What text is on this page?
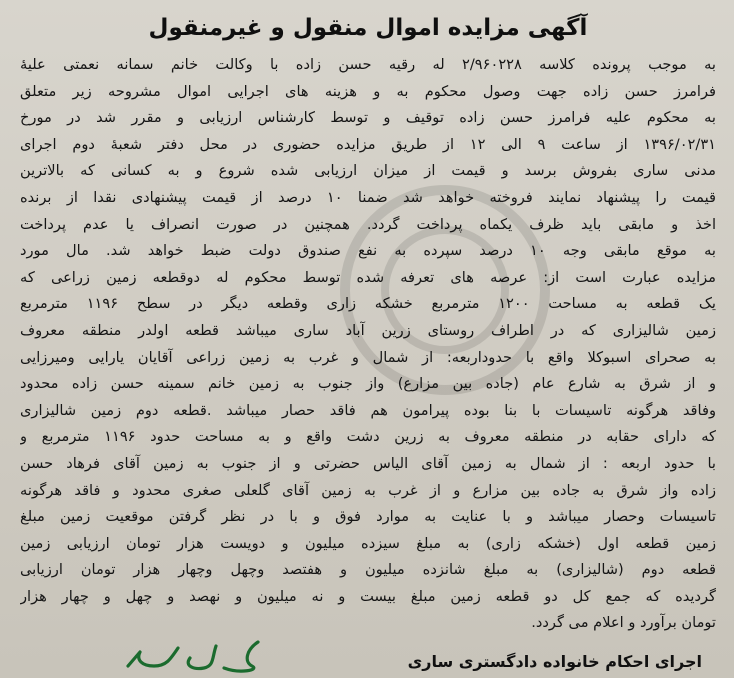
آگهی مزایده اموال منقول و غیرمنقول
به موجب پرونده کلاسه ۲/۹۶۰۲۲۸ له رقیه حسن زاده با وکالت خانم سمانه نعمتی علیهٔ
فرامرز حسن زاده جهت وصول محکوم به و هزینه های اجرایی اموال مشروحه زیر متعلق
به محکوم علیه فرامرز حسن زاده توقیف و توسط کارشناس ارزیابی و مقرر شد در مورخ
۱۳۹۶/۰۲/۳۱ از ساعت ۹ الی ۱۲ از طریق مزایده حضوری در محل دفتر شعبهٔ دوم اجرای
مدنی ساری بفروش برسد و قیمت از میزان ارزیابی شده شروع و به کسانی که بالاترین
قیمت را پیشنهاد نمایند فروخته خواهد شد ضمنا ۱۰ درصد از قیمت پیشنهادی نقدا از برنده
اخذ و مابقی باید ظرف یکماه پرداخت گردد. همچنین در صورت انصراف یا عدم پرداخت
به موقع مابقی وجه ۱۰ درصد سپرده به نفع صندوق دولت ضبط خواهد شد. مال مورد
مزایده عبارت است از: عرصه های تعرفه شده توسط محکوم له دوقطعه زمین زراعی که
یک قطعه به مساحت ۱۲۰۰ مترمربع خشکه زاری وقطعه دیگر در سطح ۱۱۹۶ مترمربع
زمین شالیزاری که در اطراف روستای زرین آباد ساری میباشد قطعه اولدر منطقه معروف
به صحرای اسبوکلا واقع با حدوداربعه: از شمال و غرب به زمین زراعی آقایان یارایی ومیرزایی
و از شرق به شارع عام (جاده بین مزارع) واز جنوب به زمین خانم سمینه حسن زاده محدود
وفاقد هرگونه تاسیسات با بنا بوده پیرامون هم فاقد حصار میباشد .قطعه دوم زمین شالیزاری
که دارای حقابه در منطقه معروف به زرین دشت واقع و به مساحت حدود ۱۱۹۶ مترمربع و
با حدود اربعه : از شمال به زمین آقای الیاس حضرتی و از جنوب به زمین آقای فرهاد حسن
زاده واز شرق به جاده بین مزارع و از غرب به زمین آقای گلعلی صغری محدود و فاقد هرگونه
تاسیسات وحصار میباشد و با عنایت به موارد فوق و با در نظر گرفتن موقعیت زمین مبلغ
زمین قطعه اول (خشکه زاری) به مبلغ سیزده میلیون و دویست هزار تومان ارزیابی زمین
قطعه دوم (شالیزاری) به مبلغ شانزده میلیون و هفتصد وچهل وچهار هزار تومان ارزیابی
گردیده که جمع کل دو قطعه زمین مبلغ بیست و نه میلیون و نهصد و چهل و چهار هزار
تومان برآورد و اعلام می گردد.
اجرای احکام خانواده دادگستری ساری
